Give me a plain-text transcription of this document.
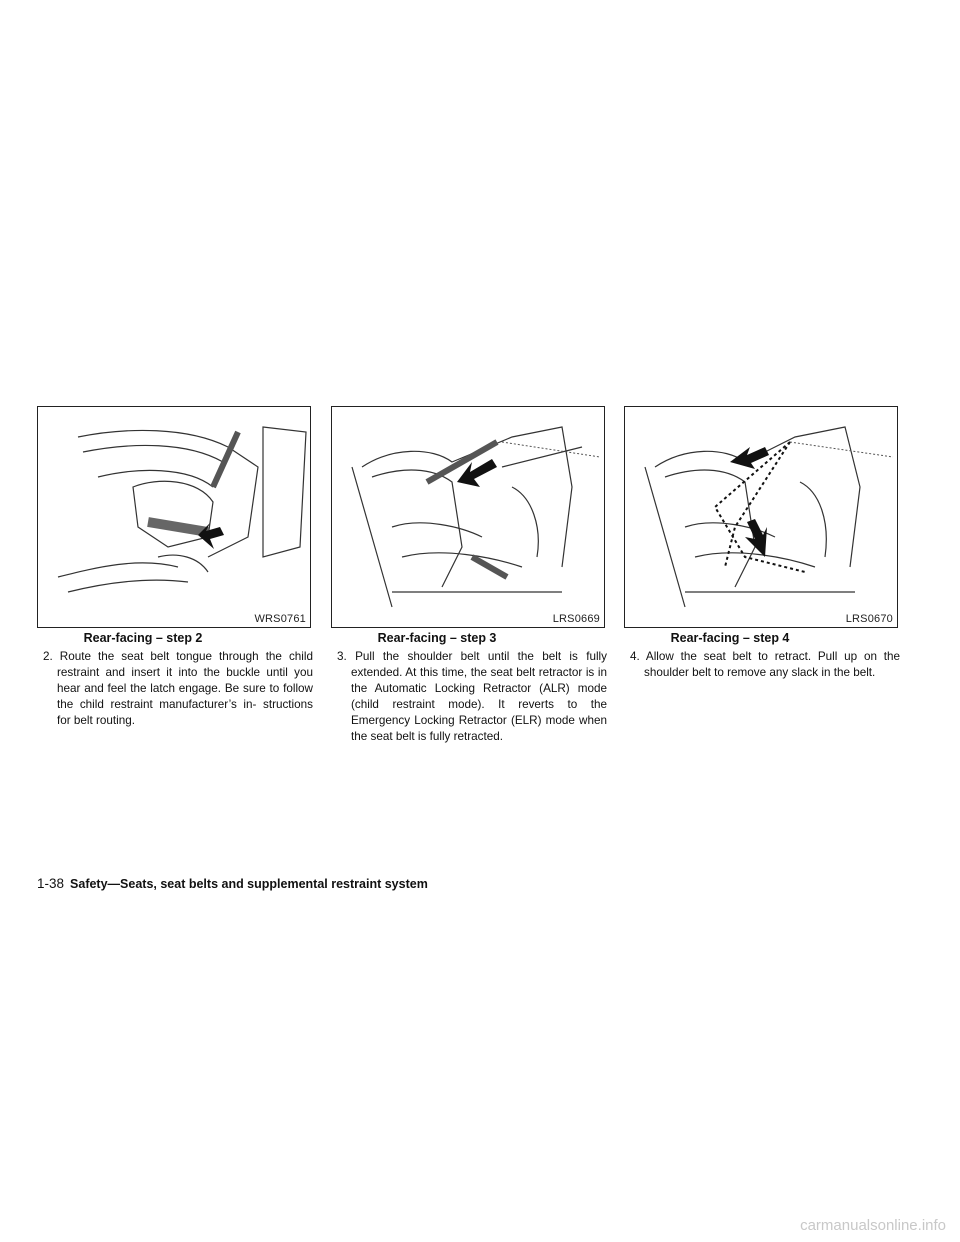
WRS0761
Rear-facing – step 2
2. Route the seat belt tongue through the child restraint and insert it into the buckle until you hear and feel the latch engage. Be sure to follow the child restraint manufacturer’s in- structions for belt routing.
LRS0669
Rear-facing – step 3
3. Pull the shoulder belt until the belt is fully extended. At this time, the seat belt retractor is in the Automatic Locking Retractor (ALR) mode (child restraint mode). It reverts to the Emergency Locking Retractor (ELR) mode when the seat belt is fully retracted.
LRS0670
Rear-facing – step 4
4. Allow the seat belt to retract. Pull up on the shoulder belt to remove any slack in the belt.
1-38 Safety—Seats, seat belts and supplemental restraint system
carmanualsonline.info
